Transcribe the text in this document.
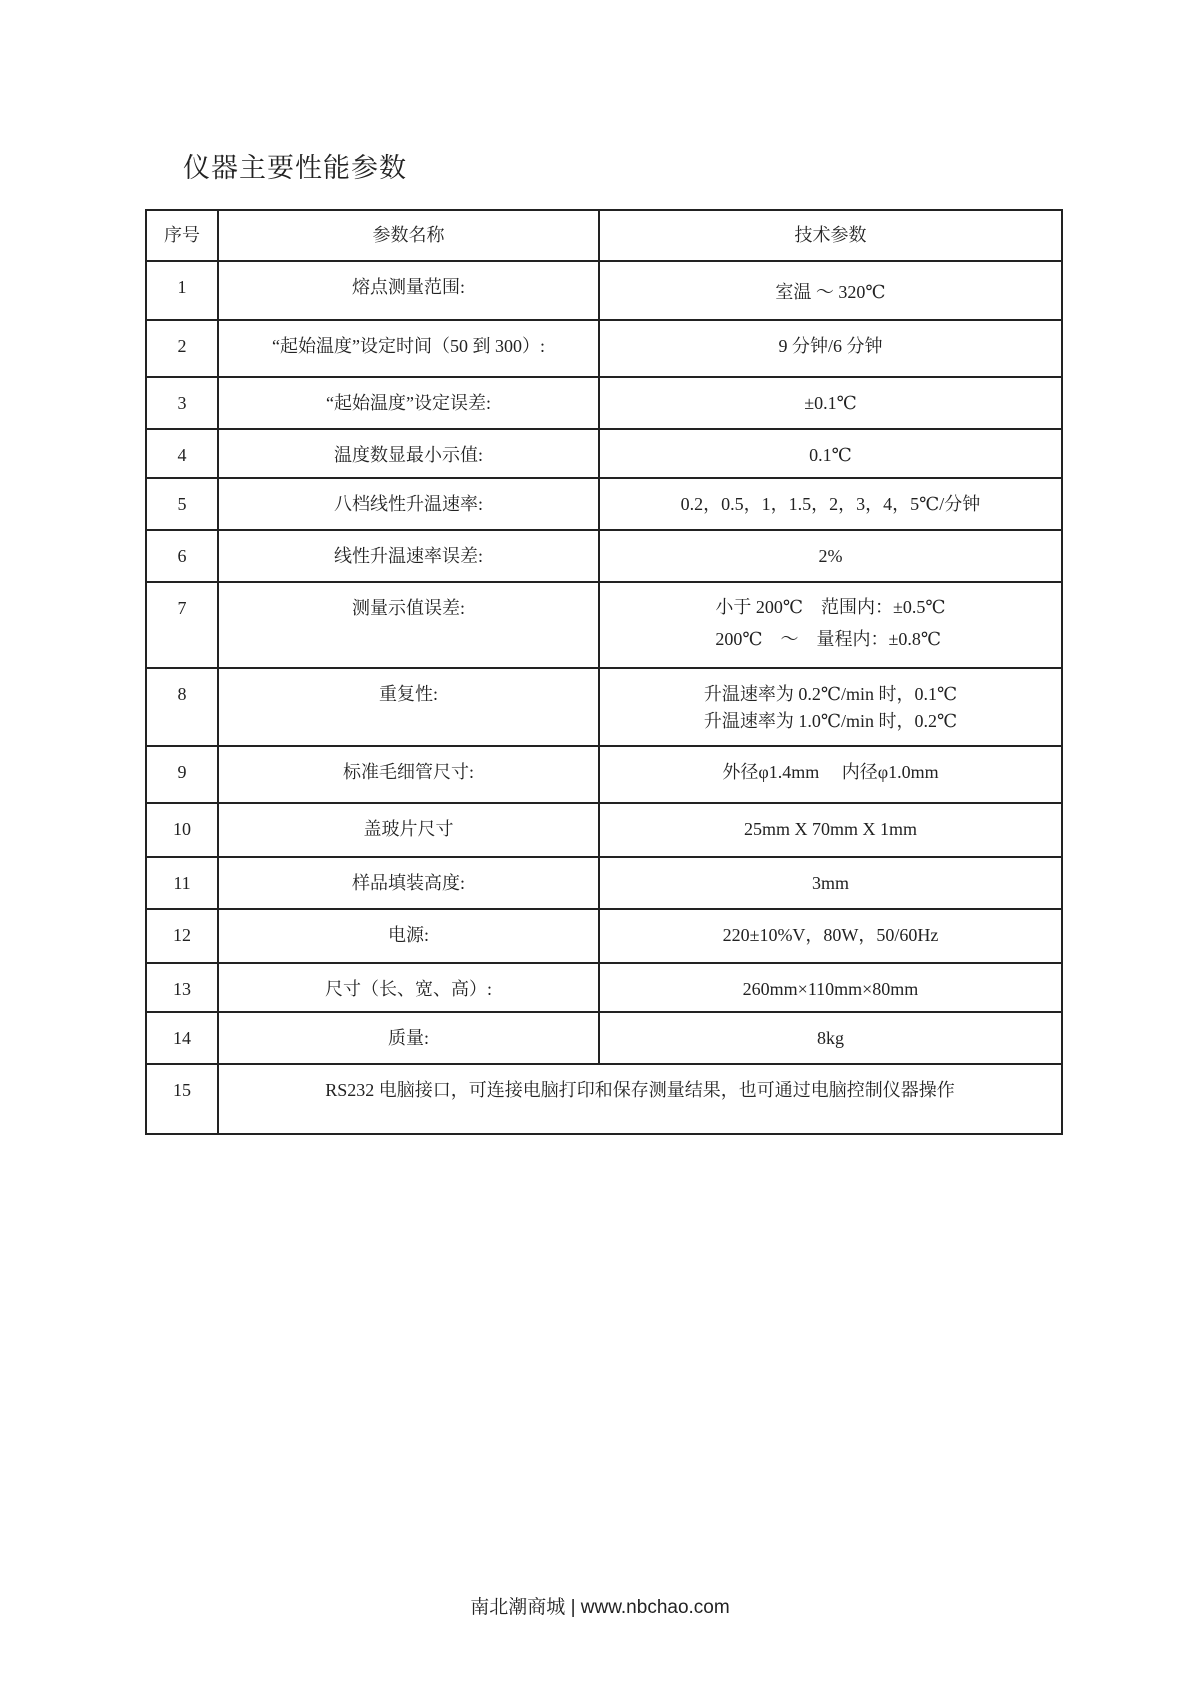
仪器主要性能参数
序号	参数名称	技术参数
1	熔点测量范围:	室温 ～ 320℃
2	“起始温度”设定时间（50 到 300）:	9 分钟/6 分钟
3	“起始温度”设定误差:	±0.1℃
4	温度数显最小示值:	0.1℃
5	八档线性升温速率:	0.2，0.5，1，1.5，2，3，4，5℃/分钟
6	线性升温速率误差:	2%
7	测量示值误差:	小于 200℃　范围内：±0.5℃
200℃　～　量程内：±0.8℃

8	重复性:	升温速率为 0.2℃/min 时，0.1℃
升温速率为 1.0℃/min 时，0.2℃

9	标准毛细管尺寸:	外径φ1.4mm　 内径φ1.0mm
10	盖玻片尺寸	25mm X 70mm X 1mm
11	样品填装高度:	3mm
12	电源:	220±10%V，80W，50/60Hz
13	尺寸（长、宽、高）:	260mm×110mm×80mm
14	质量:	8kg
15	RS232 电脑接口，可连接电脑打印和保存测量结果，也可通过电脑控制仪器操作	
南北潮商城 | www.nbchao.com
